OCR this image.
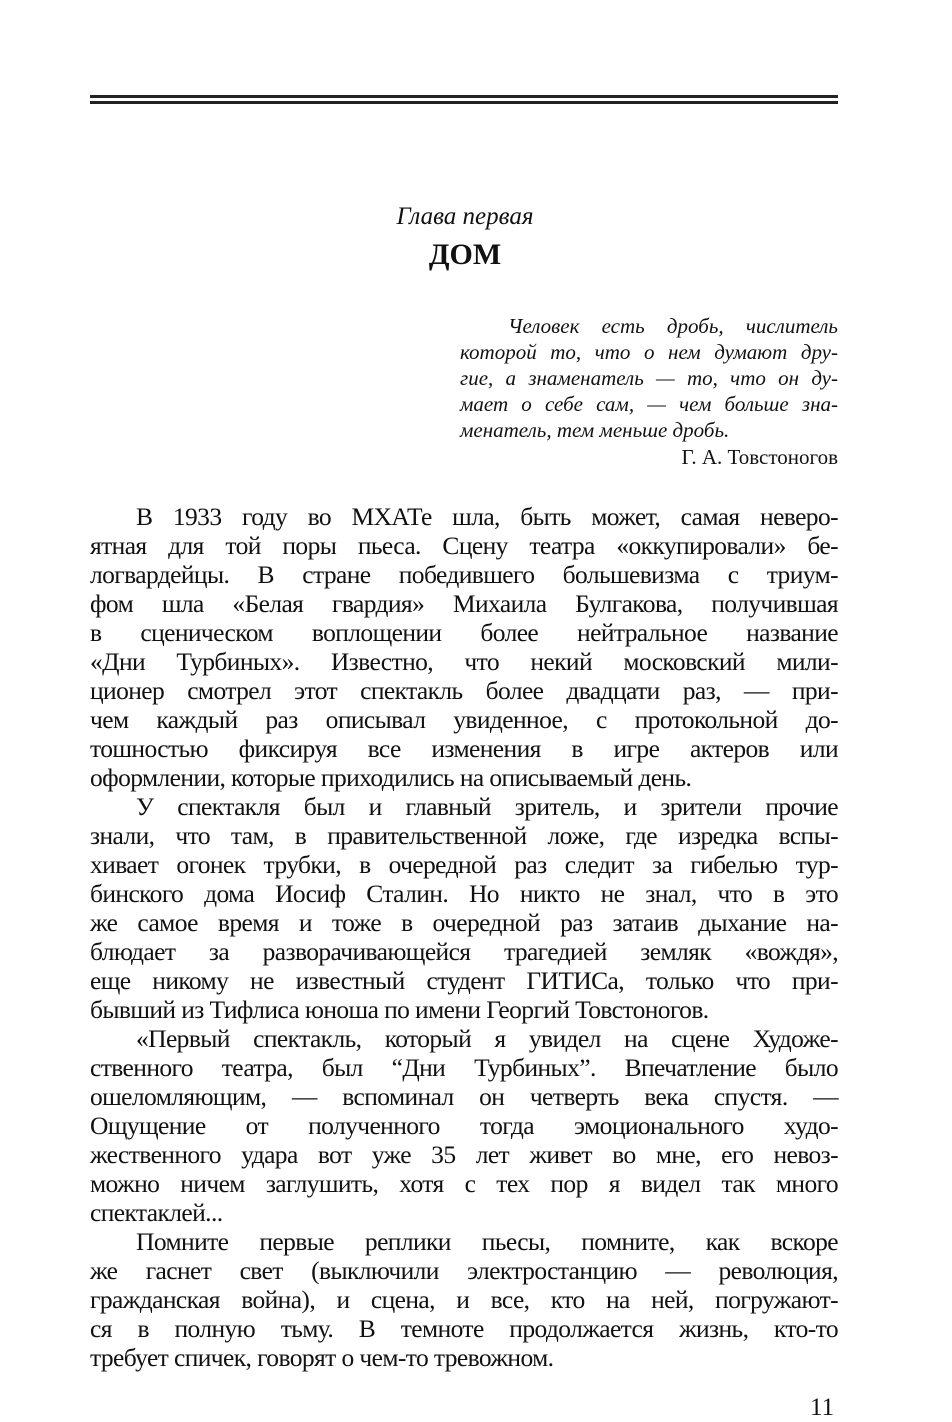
Глава первая
ДОМ
Человек есть дробь, числитель
которой то, что о нем думают дру-
гие, а знаменатель — то, что он ду-
мает о себе сам, — чем больше зна-
менатель, тем меньше дробь.
Г. А. Товстоногов
В 1933 году во МХАТе шла, быть может, самая неверо-
ятная для той поры пьеса. Сцену театра «оккупировали» бе-
логвардейцы. В стране победившего большевизма с триум-
фом шла «Белая гвардия» Михаила Булгакова, получившая
в сценическом воплощении более нейтральное название
«Дни Турбиных». Известно, что некий московский мили-
ционер смотрел этот спектакль более двадцати раз, — при-
чем каждый раз описывал увиденное, с протокольной до-
тошностью фиксируя все изменения в игре актеров или
оформлении, которые приходились на описываемый день.
У спектакля был и главный зритель, и зрители прочие
знали, что там, в правительственной ложе, где изредка вспы-
хивает огонек трубки, в очередной раз следит за гибелью тур-
бинского дома Иосиф Сталин. Но никто не знал, что в это
же самое время и тоже в очередной раз затаив дыхание на-
блюдает за разворачивающейся трагедией земляк «вождя»,
еще никому не известный студент ГИТИСа, только что при-
бывший из Тифлиса юноша по имени Георгий Товстоногов.
«Первый спектакль, который я увидел на сцене Художе-
ственного театра, был “Дни Турбиных”. Впечатление было
ошеломляющим, — вспоминал он четверть века спустя. —
Ощущение от полученного тогда эмоционального худо-
жественного удара вот уже 35 лет живет во мне, его невоз-
можно ничем заглушить, хотя с тех пор я видел так много
спектаклей...
Помните первые реплики пьесы, помните, как вскоре
же гаснет свет (выключили электростанцию — революция,
гражданская война), и сцена, и все, кто на ней, погружают-
ся в полную тьму. В темноте продолжается жизнь, кто-то
требует спичек, говорят о чем-то тревожном.
11
